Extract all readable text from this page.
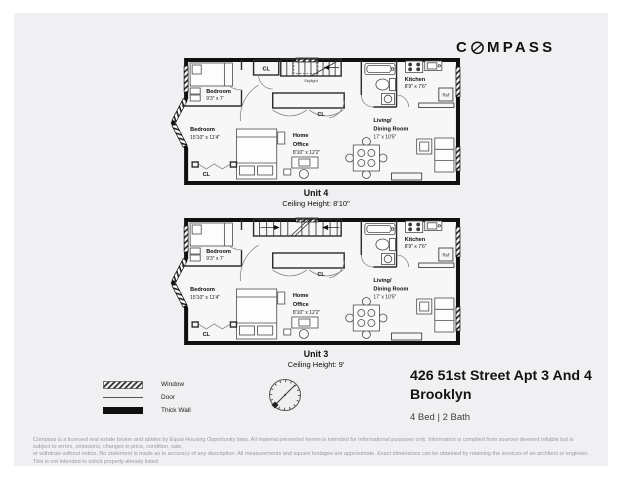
C MPASS
Skylight
CL
CL
Bedroom
9'3" x 7'
Bedroom
15'10" x 11'4"
CL
Home
Office
8'10" x 12'2"
Living/
Dining Room
17' x 10'5"
Kitchen
8'9" x 7'6"
Ref
Unit 4
Ceiling Height: 8'10"
CL
Bedroom
9'3" x 7'
Bedroom
15'10" x 11'4"
CL
Home
Office
8'10" x 12'2"
Living/
Dining Room
17' x 10'5"
Kitchen
8'9" x 7'6"
Ref
Unit 3
Ceiling Height: 9'
Window
Door
Thick Wall
426 51st Street Apt 3 And 4
Brooklyn
4 Bed | 2 Bath
Compass is a licensed real estate broker and abides by Equal Housing Opportunity laws. All material presented herein is intended for informational purposes only. Information is compiled from sources deemed reliable but is subject to errors, omissions, changes in price, condition, sale,
or withdraw without notice. No statement is made as to accuracy of any description. All measurements and square footages are approximate. Exact dimensions can be obtained by retaining the services of an architect or engineer. This is not intended to solicit property already listed.
